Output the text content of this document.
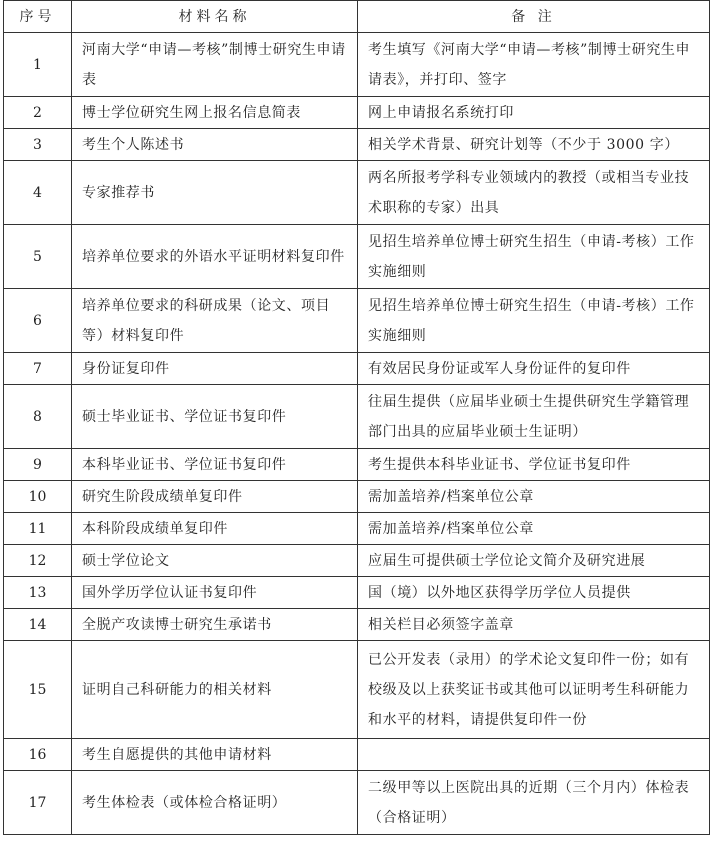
序号	材料名称	备 注
1	河南大学“申请—考核”制博士研究生申请表	考生填写《河南大学“申请—考核”制博士研究生申请表》，并打印、签字
2	博士学位研究生网上报名信息简表	网上申请报名系统打印
3	考生个人陈述书	相关学术背景、研究计划等（不少于 3000 字）
4	专家推荐书	两名所报考学科专业领域内的教授（或相当专业技术职称的专家）出具
5	培养单位要求的外语水平证明材料复印件	见招生培养单位博士研究生招生（申请-考核）工作实施细则
6	培养单位要求的科研成果（论文、项目等）材料复印件	见招生培养单位博士研究生招生（申请-考核）工作实施细则
7	身份证复印件	有效居民身份证或军人身份证件的复印件
8	硕士毕业证书、学位证书复印件	往届生提供（应届毕业硕士生提供研究生学籍管理部门出具的应届毕业硕士生证明）
9	本科毕业证书、学位证书复印件	考生提供本科毕业证书、学位证书复印件
10	研究生阶段成绩单复印件	需加盖培养/档案单位公章
11	本科阶段成绩单复印件	需加盖培养/档案单位公章
12	硕士学位论文	应届生可提供硕士学位论文简介及研究进展
13	国外学历学位认证书复印件	国（境）以外地区获得学历学位人员提供
14	全脱产攻读博士研究生承诺书	相关栏目必须签字盖章
15	证明自己科研能力的相关材料	已公开发表（录用）的学术论文复印件一份；如有校级及以上获奖证书或其他可以证明考生科研能力和水平的材料，请提供复印件一份
16	考生自愿提供的其他申请材料	
17	考生体检表（或体检合格证明）	二级甲等以上医院出具的近期（三个月内）体检表（合格证明）
